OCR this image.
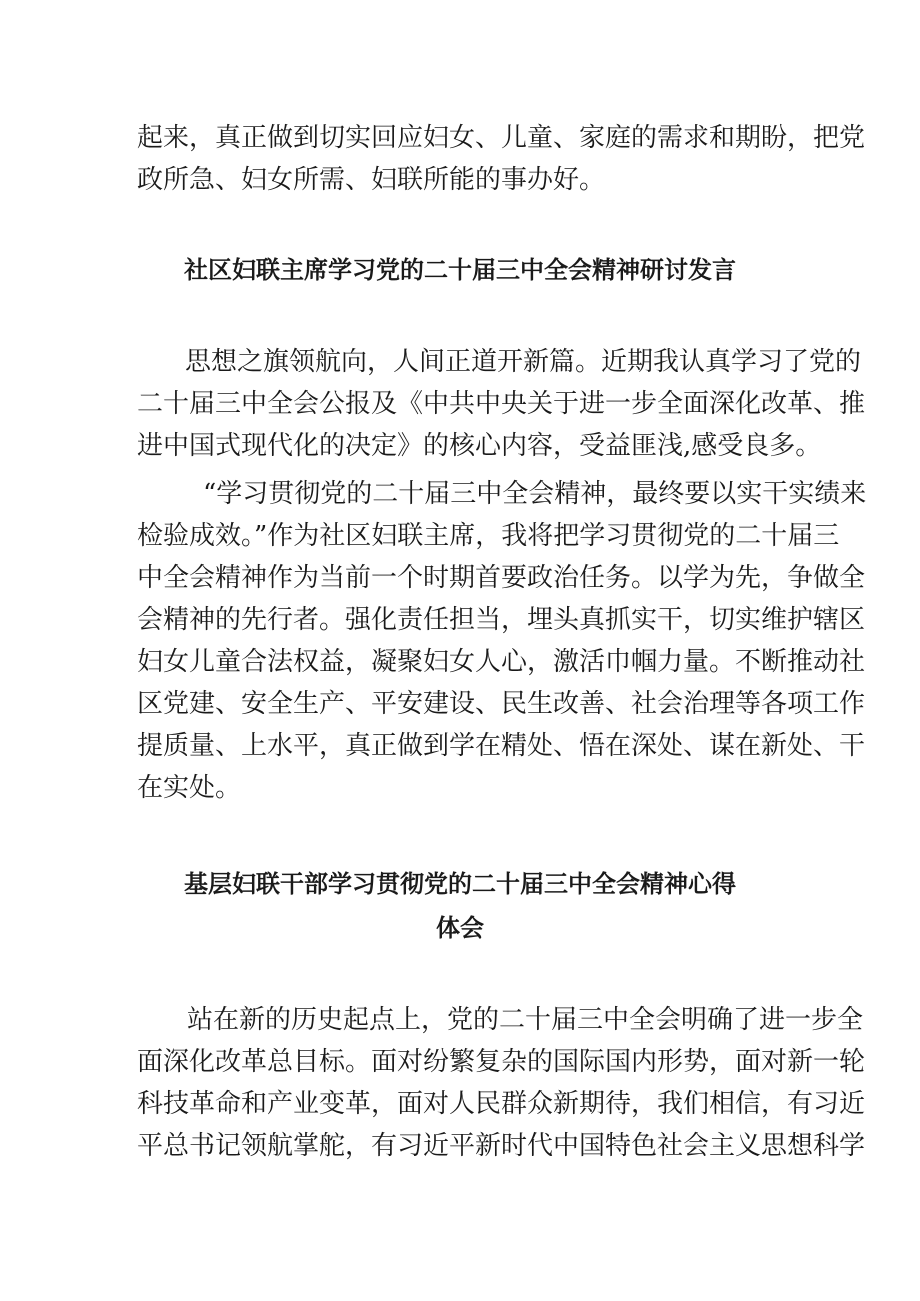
起来，真正做到切实回应妇女、儿童、家庭的需求和期盼，把党
政所急、妇女所需、妇联所能的事办好。
社区妇联主席学习党的二十届三中全会精神研讨发言
思想之旗领航向，人间正道开新篇。近期我认真学习了党的
二十届三中全会公报及《中共中央关于进一步全面深化改革、推
进中国式现代化的决定》的核心内容，受益匪浅,感受良多。
“学习贯彻党的二十届三中全会精神，最终要以实干实绩来
检验成效。”作为社区妇联主席，我将把学习贯彻党的二十届三
中全会精神作为当前一个时期首要政治任务。以学为先，争做全
会精神的先行者。强化责任担当，埋头真抓实干，切实维护辖区
妇女儿童合法权益，凝聚妇女人心，激活巾帼力量。不断推动社
区党建、安全生产、平安建设、民生改善、社会治理等各项工作
提质量、上水平，真正做到学在精处、悟在深处、谋在新处、干
在实处。
基层妇联干部学习贯彻党的二十届三中全会精神心得
体会
站在新的历史起点上，党的二十届三中全会明确了进一步全
面深化改革总目标。面对纷繁复杂的国际国内形势，面对新一轮
科技革命和产业变革，面对人民群众新期待，我们相信，有习近
平总书记领航掌舵，有习近平新时代中国特色社会主义思想科学
